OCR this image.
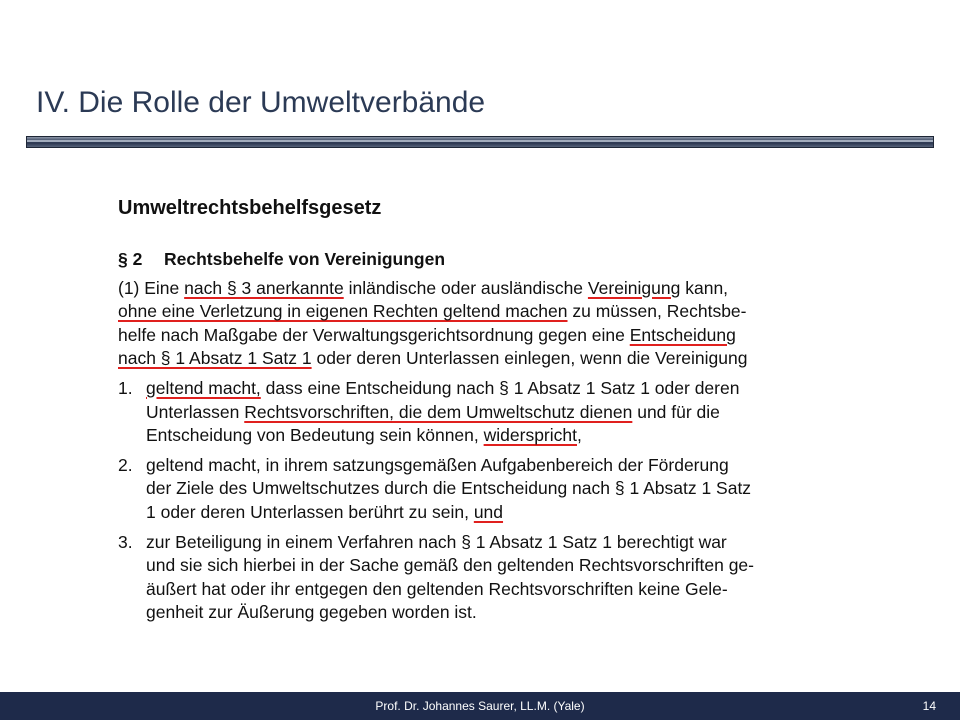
IV. Die Rolle der Umweltverbände
Umweltrechtsbehelfsgesetz
§ 2 Rechtsbehelfe von Vereinigungen
(1) Eine nach § 3 anerkannte inländische oder ausländische Vereinigung kann,
ohne eine Verletzung in eigenen Rechten geltend machen zu müssen, Rechtsbe-
helfe nach Maßgabe der Verwaltungsgerichtsordnung gegen eine Entscheidung
nach § 1 Absatz 1 Satz 1 oder deren Unterlassen einlegen, wenn die Vereinigung
1. geltend macht, dass eine Entscheidung nach § 1 Absatz 1 Satz 1 oder deren
Unterlassen Rechtsvorschriften, die dem Umweltschutz dienen und für die
Entscheidung von Bedeutung sein können, widerspricht,
2. geltend macht, in ihrem satzungsgemäßen Aufgabenbereich der Förderung
der Ziele des Umweltschutzes durch die Entscheidung nach § 1 Absatz 1 Satz
1 oder deren Unterlassen berührt zu sein, und
3. zur Beteiligung in einem Verfahren nach § 1 Absatz 1 Satz 1 berechtigt war
und sie sich hierbei in der Sache gemäß den geltenden Rechtsvorschriften ge-
äußert hat oder ihr entgegen den geltenden Rechtsvorschriften keine Gele-
genheit zur Äußerung gegeben worden ist.
Prof. Dr. Johannes Saurer, LL.M. (Yale)	14
